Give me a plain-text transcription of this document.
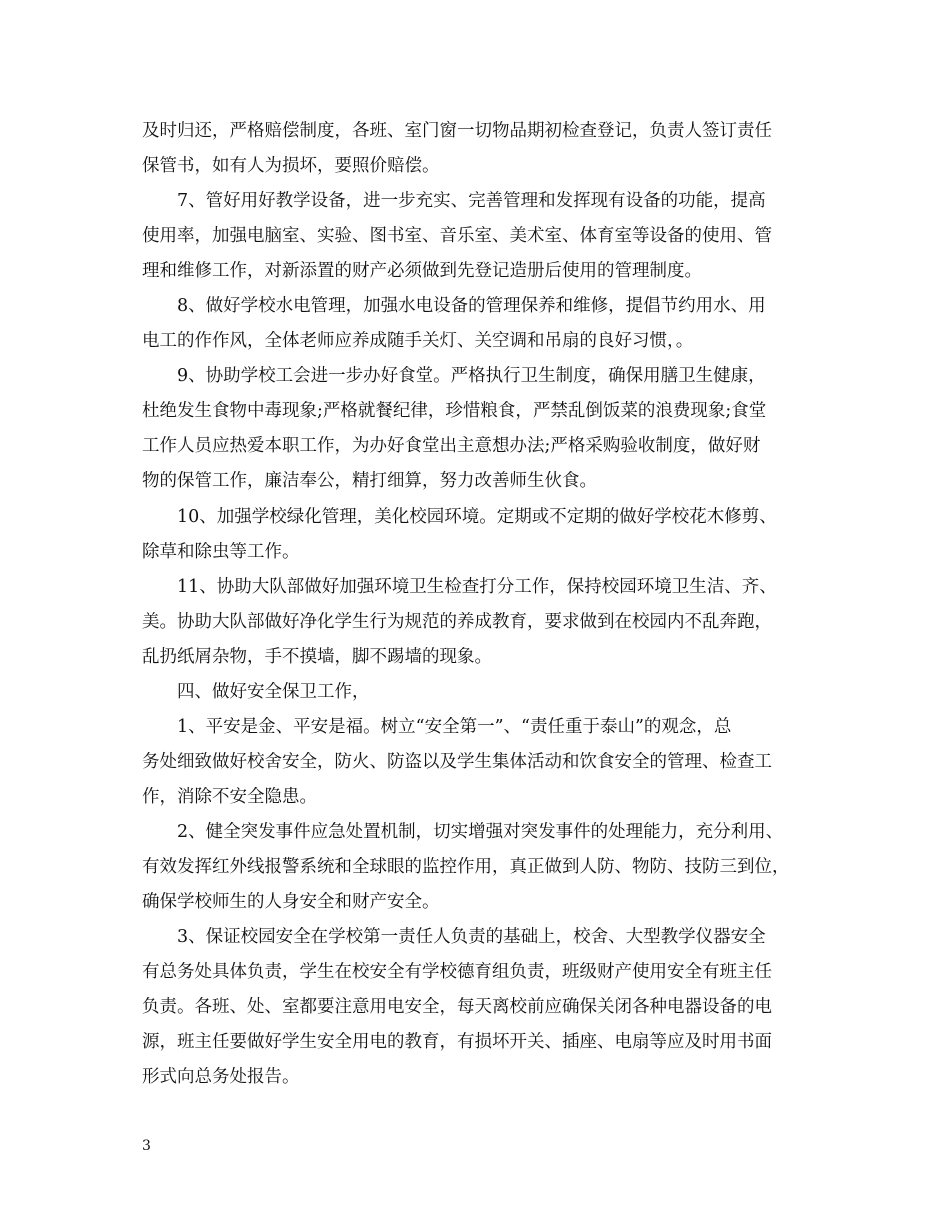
及时归还，严格赔偿制度，各班、室门窗一切物品期初检查登记，负责人签订责任
保管书，如有人为损坏，要照价赔偿。
　　7、管好用好教学设备，进一步充实、完善管理和发挥现有设备的功能，提高
使用率，加强电脑室、实验、图书室、音乐室、美术室、体育室等设备的使用、管
理和维修工作，对新添置的财产必须做到先登记造册后使用的管理制度。
　　8、做好学校水电管理，加强水电设备的管理保养和维修，提倡节约用水、用
电工的作作风，全体老师应养成随手关灯、关空调和吊扇的良好习惯，。
　　9、协助学校工会进一步办好食堂。严格执行卫生制度，确保用膳卫生健康，
杜绝发生食物中毒现象;严格就餐纪律，珍惜粮食，严禁乱倒饭菜的浪费现象;食堂
工作人员应热爱本职工作，为办好食堂出主意想办法;严格采购验收制度，做好财
物的保管工作，廉洁奉公，精打细算，努力改善师生伙食。
　　10、加强学校绿化管理，美化校园环境。定期或不定期的做好学校花木修剪、
除草和除虫等工作。
　　11、协助大队部做好加强环境卫生检查打分工作，保持校园环境卫生洁、齐、
美。协助大队部做好净化学生行为规范的养成教育，要求做到在校园内不乱奔跑，
乱扔纸屑杂物，手不摸墙，脚不踢墙的现象。
　　四、做好安全保卫工作，
　　1、平安是金、平安是福。树立“安全第一”、“责任重于泰山”的观念，总
务处细致做好校舍安全，防火、防盗以及学生集体活动和饮食安全的管理、检查工
作，消除不安全隐患。
　　2、健全突发事件应急处置机制，切实增强对突发事件的处理能力，充分利用、
有效发挥红外线报警系统和全球眼的监控作用，真正做到人防、物防、技防三到位，
确保学校师生的人身安全和财产安全。
　　3、保证校园安全在学校第一责任人负责的基础上，校舍、大型教学仪器安全
有总务处具体负责，学生在校安全有学校德育组负责，班级财产使用安全有班主任
负责。各班、处、室都要注意用电安全，每天离校前应确保关闭各种电器设备的电
源，班主任要做好学生安全用电的教育，有损坏开关、插座、电扇等应及时用书面
形式向总务处报告。
3
